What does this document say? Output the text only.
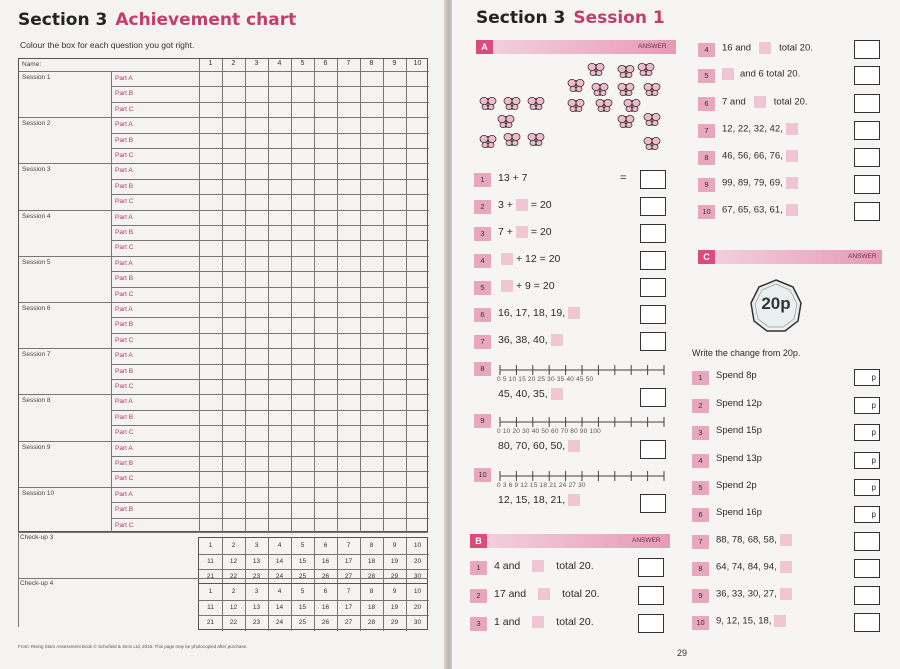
Section 3 Achievement chart
Colour the box for each question you got right.
Name:	1	2	3	4	5	6	7	8	9	10
Session 1	Part A
Part B
Part C
Session 2	Part A
Part B
Part C
Session 3	Part A
Part B
Part C
Session 4	Part A
Part B
Part C
Session 5	Part A
Part B
Part C
Session 6	Part A
Part B
Part C
Session 7	Part A
Part B
Part C
Session 8	Part A
Part B
Part C
Session 9	Part A
Part B
Part C
Session 10	Part A
Part B
Part C
Check-up 3
1	2	3	4	5	6	7	8	9	10
11	12	13	14	15	16	17	18	19	20
21	22	23	24	25	26	27	28	29	30
Check-up 4
1	2	3	4	5	6	7	8	9	10
11	12	13	14	15	16	17	18	19	20
21	22	23	24	25	26	27	28	29	30
From: Rising Stars Assessment Book © Schofield & Sims Ltd, 2016. This page may be photocopied after purchase.
Section 3 Session 1
A	ANSWER
1	13 + 7	=
2	3 + = 20
3	7 + = 20
4	+ 12 = 20
5	+ 9 = 20
6	16, 17, 18, 19,
7	36, 38, 40,
8
0 5 10 15 20 25 30 35 40 45 50
45, 40, 35,
9
0 10 20 30 40 50 60 70 80 90 100
80, 70, 60, 50,
10
0 3 6 9 12 15 18 21 24 27 30
12, 15, 18, 21,
B	ANSWER
1	4 and	total 20.
2	17 and	total 20.
3	1 and	total 20.
4	16 and	total 20.
5	and 6 total 20.
6	7 and	total 20.
7	12, 22, 32, 42,
8	46, 56, 66, 76,
9	99, 89, 79, 69,
10	67, 65, 63, 61,
C	ANSWER
20p
Write the change from 20p.
1	Spend 8p	p
2	Spend 12p	p
3	Spend 15p	p
4	Spend 13p	p
5	Spend 2p	p
6	Spend 16p	p
7	88, 78, 68, 58,
8	64, 74, 84, 94,
9	36, 33, 30, 27,
10	9, 12, 15, 18,
29
